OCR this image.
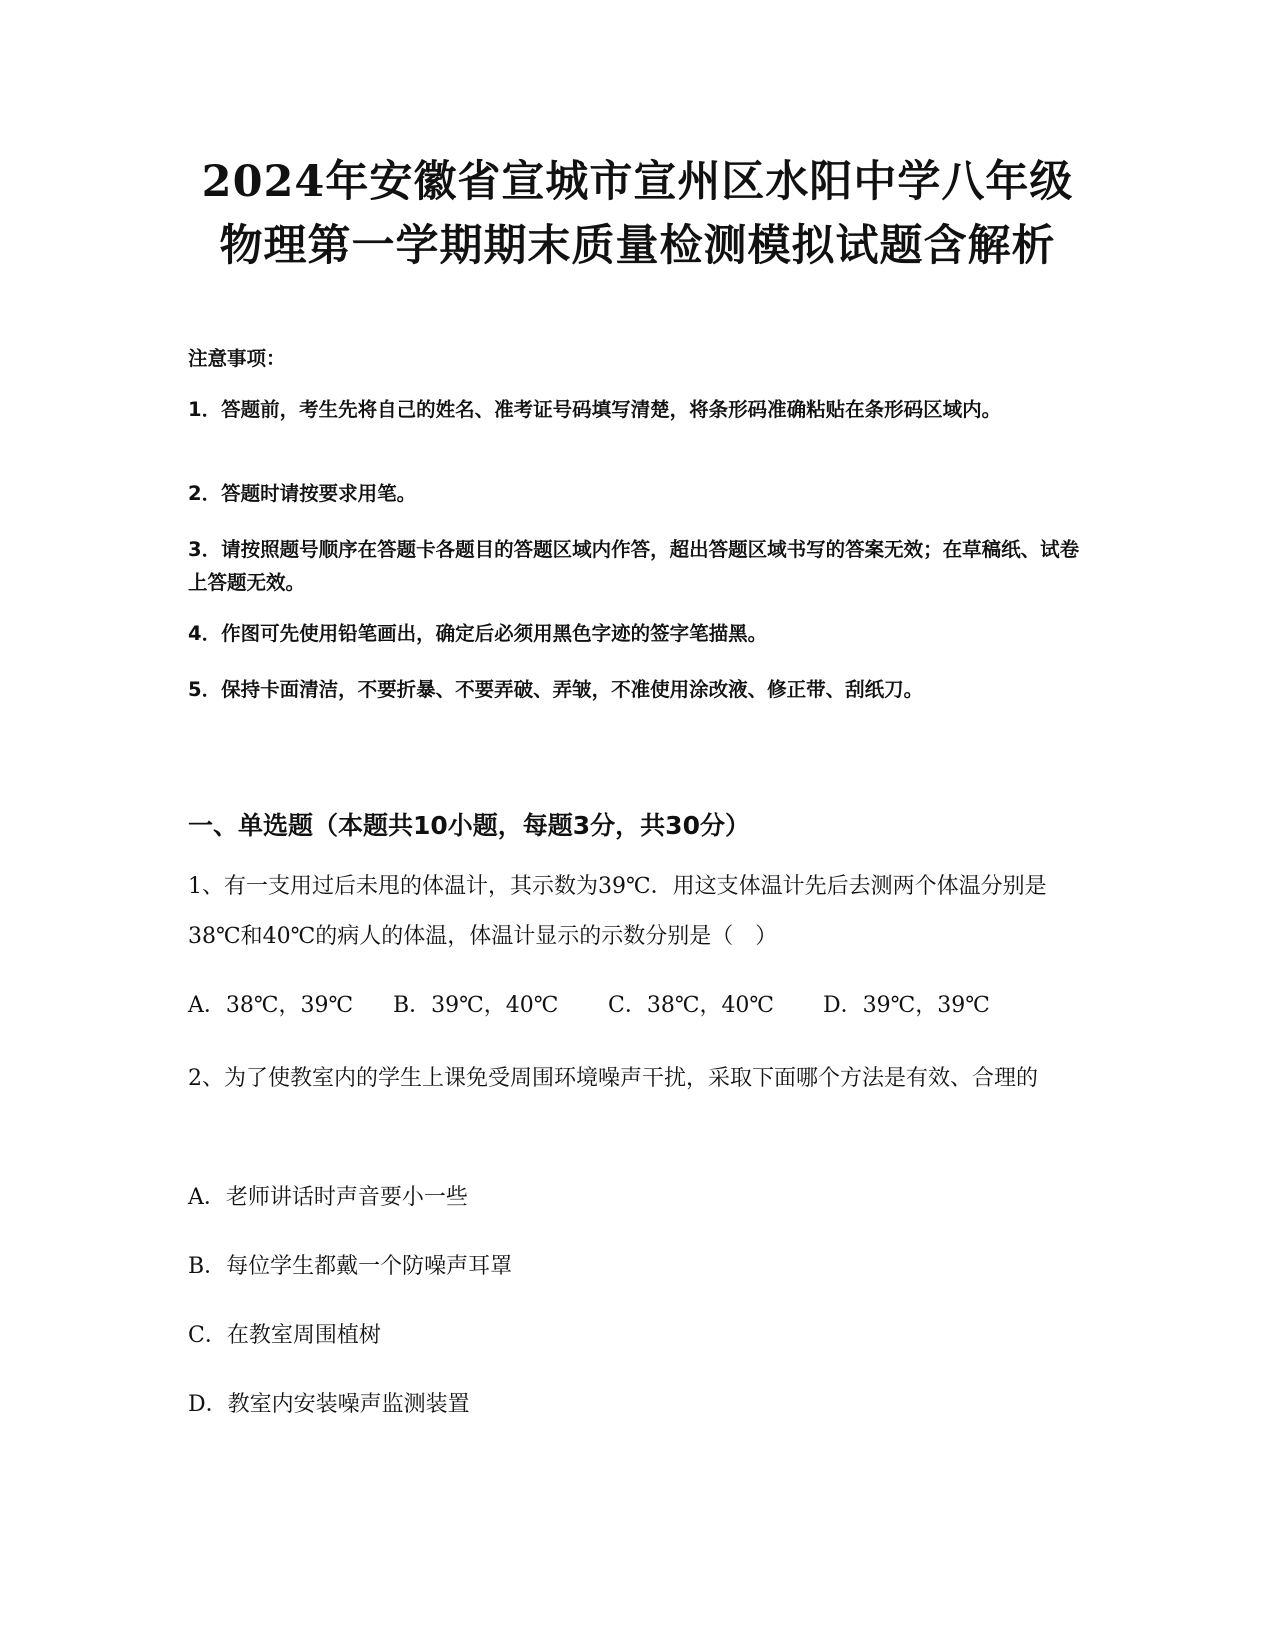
2024年安徽省宣城市宣州区水阳中学八年级
物理第一学期期末质量检测模拟试题含解析

注意事项：

1．答题前，考生先将自己的姓名、准考证号码填写清楚，将条形码准确粘贴在条形码区域内。

2．答题时请按要求用笔。

3．请按照题号顺序在答题卡各题目的答题区域内作答，超出答题区域书写的答案无效；在草稿纸、试卷上答题无效。

4．作图可先使用铅笔画出，确定后必须用黑色字迹的签字笔描黑。

5．保持卡面清洁，不要折暴、不要弄破、弄皱，不准使用涂改液、修正带、刮纸刀。

一、单选题（本题共10小题，每题3分，共30分）

1、有一支用过后未甩的体温计，其示数为39℃．用这支体温计先后去测两个体温分别是38℃和40℃的病人的体温，体温计显示的示数分别是（　）

A．38℃，39℃ B．39℃，40℃ C．38℃，40℃ D．39℃，39℃

2、为了使教室内的学生上课免受周围环境噪声干扰，采取下面哪个方法是有效、合理的

A．老师讲话时声音要小一些
B．每位学生都戴一个防噪声耳罩
C．在教室周围植树
D．教室内安装噪声监测装置
